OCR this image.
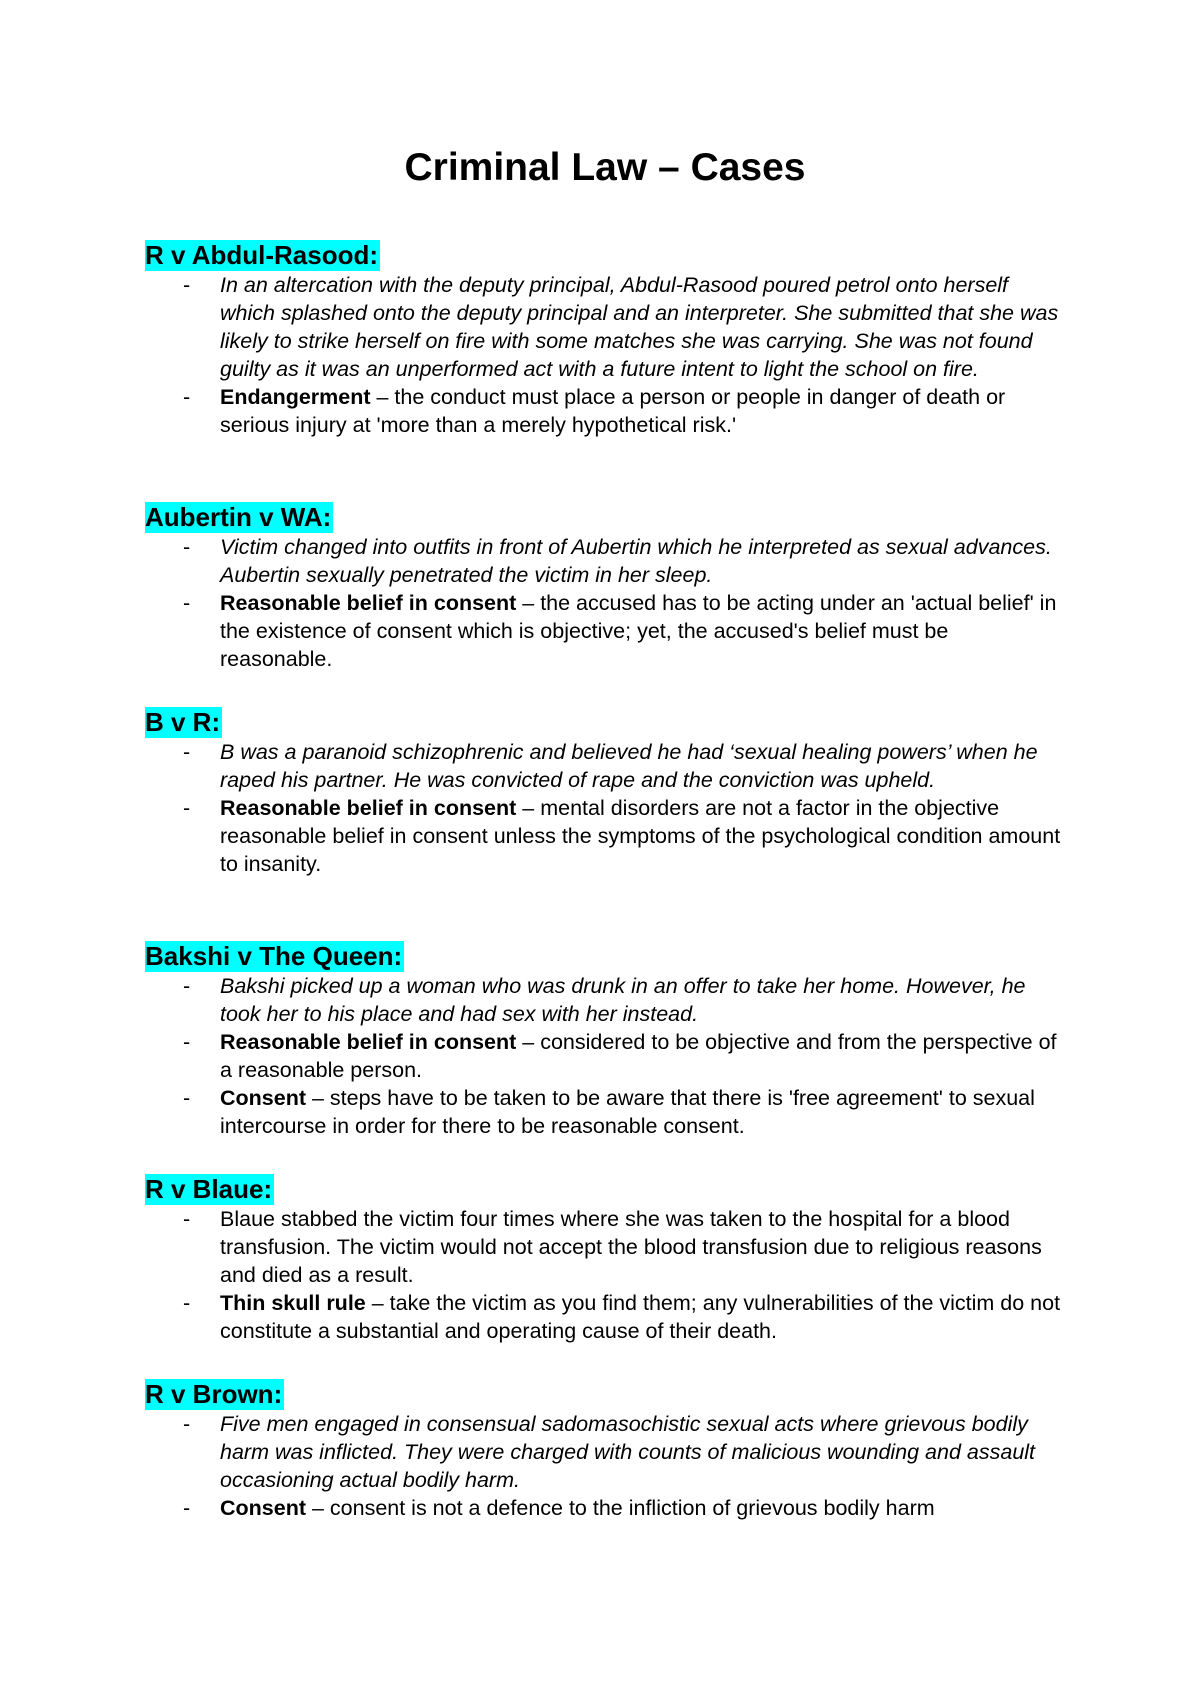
Criminal Law – Cases
R v Abdul-Rasood:
- In an altercation with the deputy principal, Abdul-Rasood poured petrol onto herself which splashed onto the deputy principal and an interpreter. She submitted that she was likely to strike herself on fire with some matches she was carrying. She was not found guilty as it was an unperformed act with a future intent to light the school on fire.
- Endangerment – the conduct must place a person or people in danger of death or serious injury at 'more than a merely hypothetical risk.'
Aubertin v WA:
- Victim changed into outfits in front of Aubertin which he interpreted as sexual advances. Aubertin sexually penetrated the victim in her sleep.
- Reasonable belief in consent – the accused has to be acting under an 'actual belief' in the existence of consent which is objective; yet, the accused's belief must be reasonable.
B v R:
- B was a paranoid schizophrenic and believed he had ‘sexual healing powers’ when he raped his partner. He was convicted of rape and the conviction was upheld.
- Reasonable belief in consent – mental disorders are not a factor in the objective reasonable belief in consent unless the symptoms of the psychological condition amount to insanity.
Bakshi v The Queen:
- Bakshi picked up a woman who was drunk in an offer to take her home. However, he took her to his place and had sex with her instead.
- Reasonable belief in consent – considered to be objective and from the perspective of a reasonable person.
- Consent – steps have to be taken to be aware that there is 'free agreement' to sexual intercourse in order for there to be reasonable consent.
R v Blaue:
- Blaue stabbed the victim four times where she was taken to the hospital for a blood transfusion. The victim would not accept the blood transfusion due to religious reasons and died as a result.
- Thin skull rule – take the victim as you find them; any vulnerabilities of the victim do not constitute a substantial and operating cause of their death.
R v Brown:
- Five men engaged in consensual sadomasochistic sexual acts where grievous bodily harm was inflicted. They were charged with counts of malicious wounding and assault occasioning actual bodily harm.
- Consent – consent is not a defence to the infliction of grievous bodily harm
